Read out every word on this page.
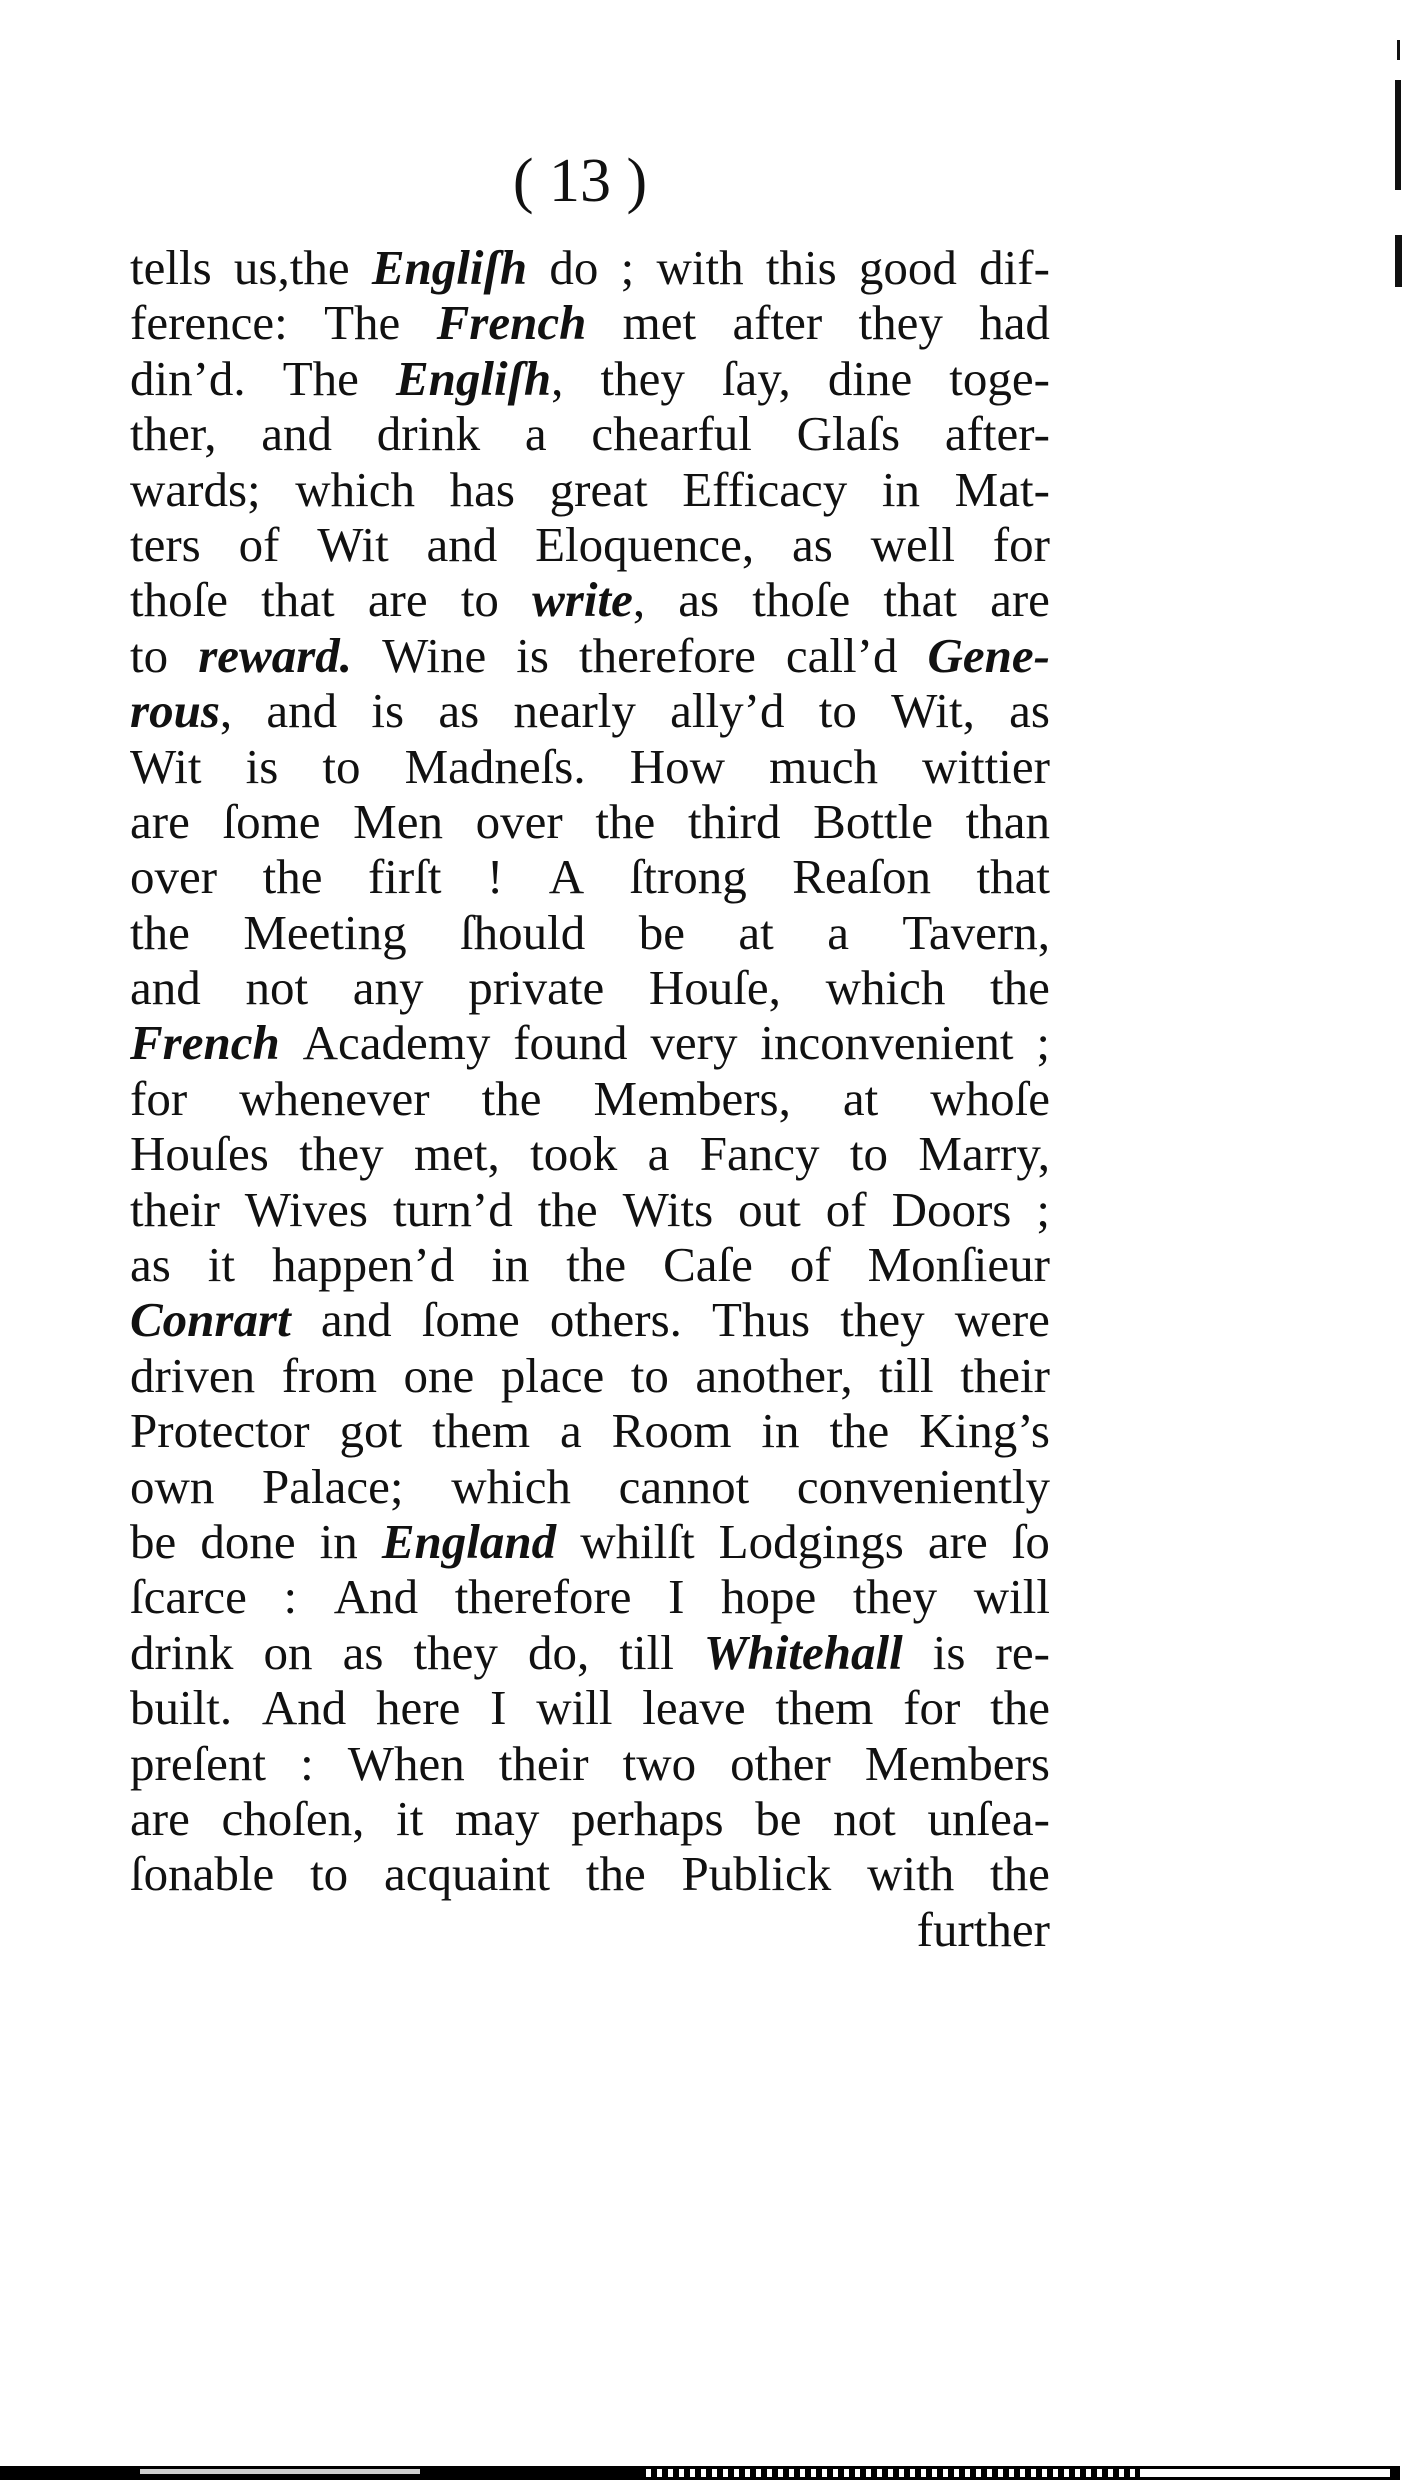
( 13 )
tells us,the Engliſh do ; with this good dif-
ference: The French met after they had
din’d. The Engliſh, they ſay, dine toge-
ther, and drink a chearful Glaſs after-
wards; which has great Efficacy in Mat-
ters of Wit and Eloquence, as well for
thoſe that are to write, as thoſe that are
to reward. Wine is therefore call’d Gene-
rous, and is as nearly ally’d to Wit, as
Wit is to Madneſs. How much wittier
are ſome Men over the third Bottle than
over the firſt ! A ſtrong Reaſon that
the Meeting ſhould be at a Tavern,
and not any private Houſe, which the
French Academy found very inconvenient ;
for whenever the Members, at whoſe
Houſes they met, took a Fancy to Marry,
their Wives turn’d the Wits out of Doors ;
as it happen’d in the Caſe of Monſieur
Conrart and ſome others. Thus they were
driven from one place to another, till their
Protector got them a Room in the King’s
own Palace; which cannot conveniently
be done in England whilſt Lodgings are ſo
ſcarce : And therefore I hope they will
drink on as they do, till Whitehall is re-
built. And here I will leave them for the
preſent : When their two other Members
are choſen, it may perhaps be not unſea-
ſonable to acquaint the Publick with the
further
